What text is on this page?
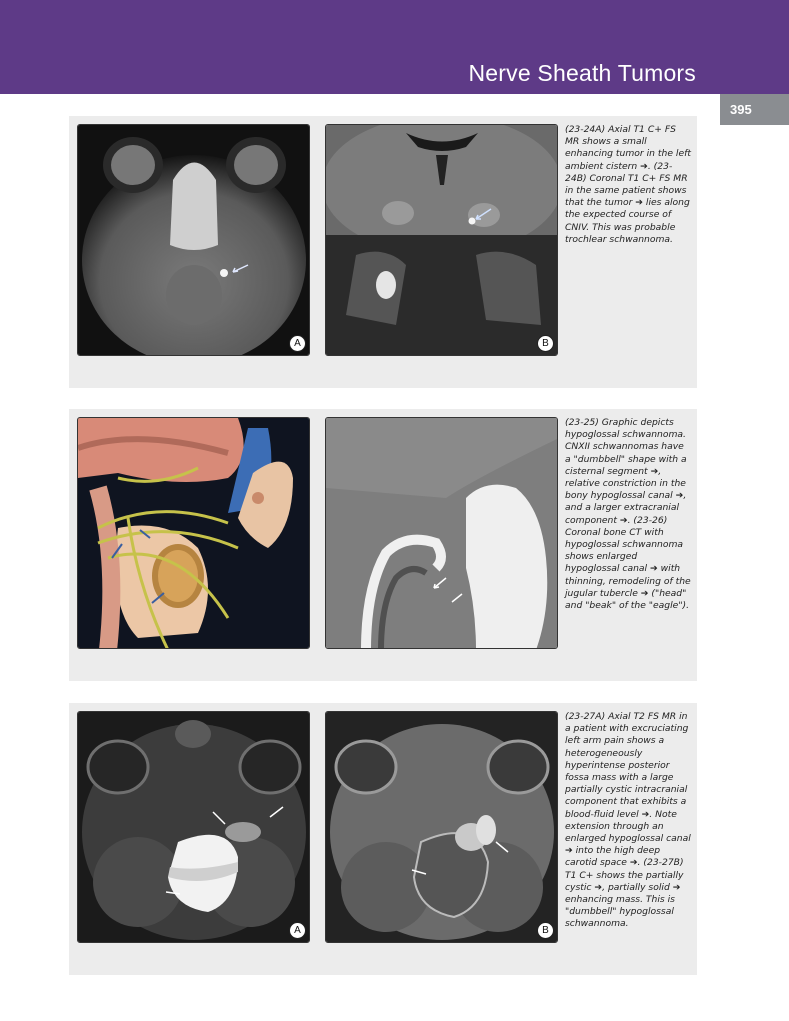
Nerve Sheath Tumors
395
A	B

(23-24A) Axial T1 C+ FS MR shows a small enhancing tumor in the left ambient cistern ➔. (23-24B) Coronal T1 C+ FS MR in the same patient shows that the tumor ➔ lies along the expected course of CNIV. This was probable trochlear schwannoma.

(23-25) Graphic depicts hypoglossal schwannoma. CNXII schwannomas have a "dumbbell" shape with a cisternal segment ➔, relative constriction in the bony hypoglossal canal ➔, and a larger extracranial component ➔. (23-26) Coronal bone CT with hypoglossal schwannoma shows enlarged hypoglossal canal ➔ with thinning, remodeling of the jugular tubercle ➔ ("head" and "beak" of the "eagle").

A	B

(23-27A) Axial T2 FS MR in a patient with excruciating left arm pain shows a heterogeneously hyperintense posterior fossa mass with a large partially cystic intracranial component that exhibits a blood-fluid level ➔. Note extension through an enlarged hypoglossal canal ➔ into the high deep carotid space ➔. (23-27B) T1 C+ shows the partially cystic ➔, partially solid ➔ enhancing mass. This is "dumbbell" hypoglossal schwannoma.
